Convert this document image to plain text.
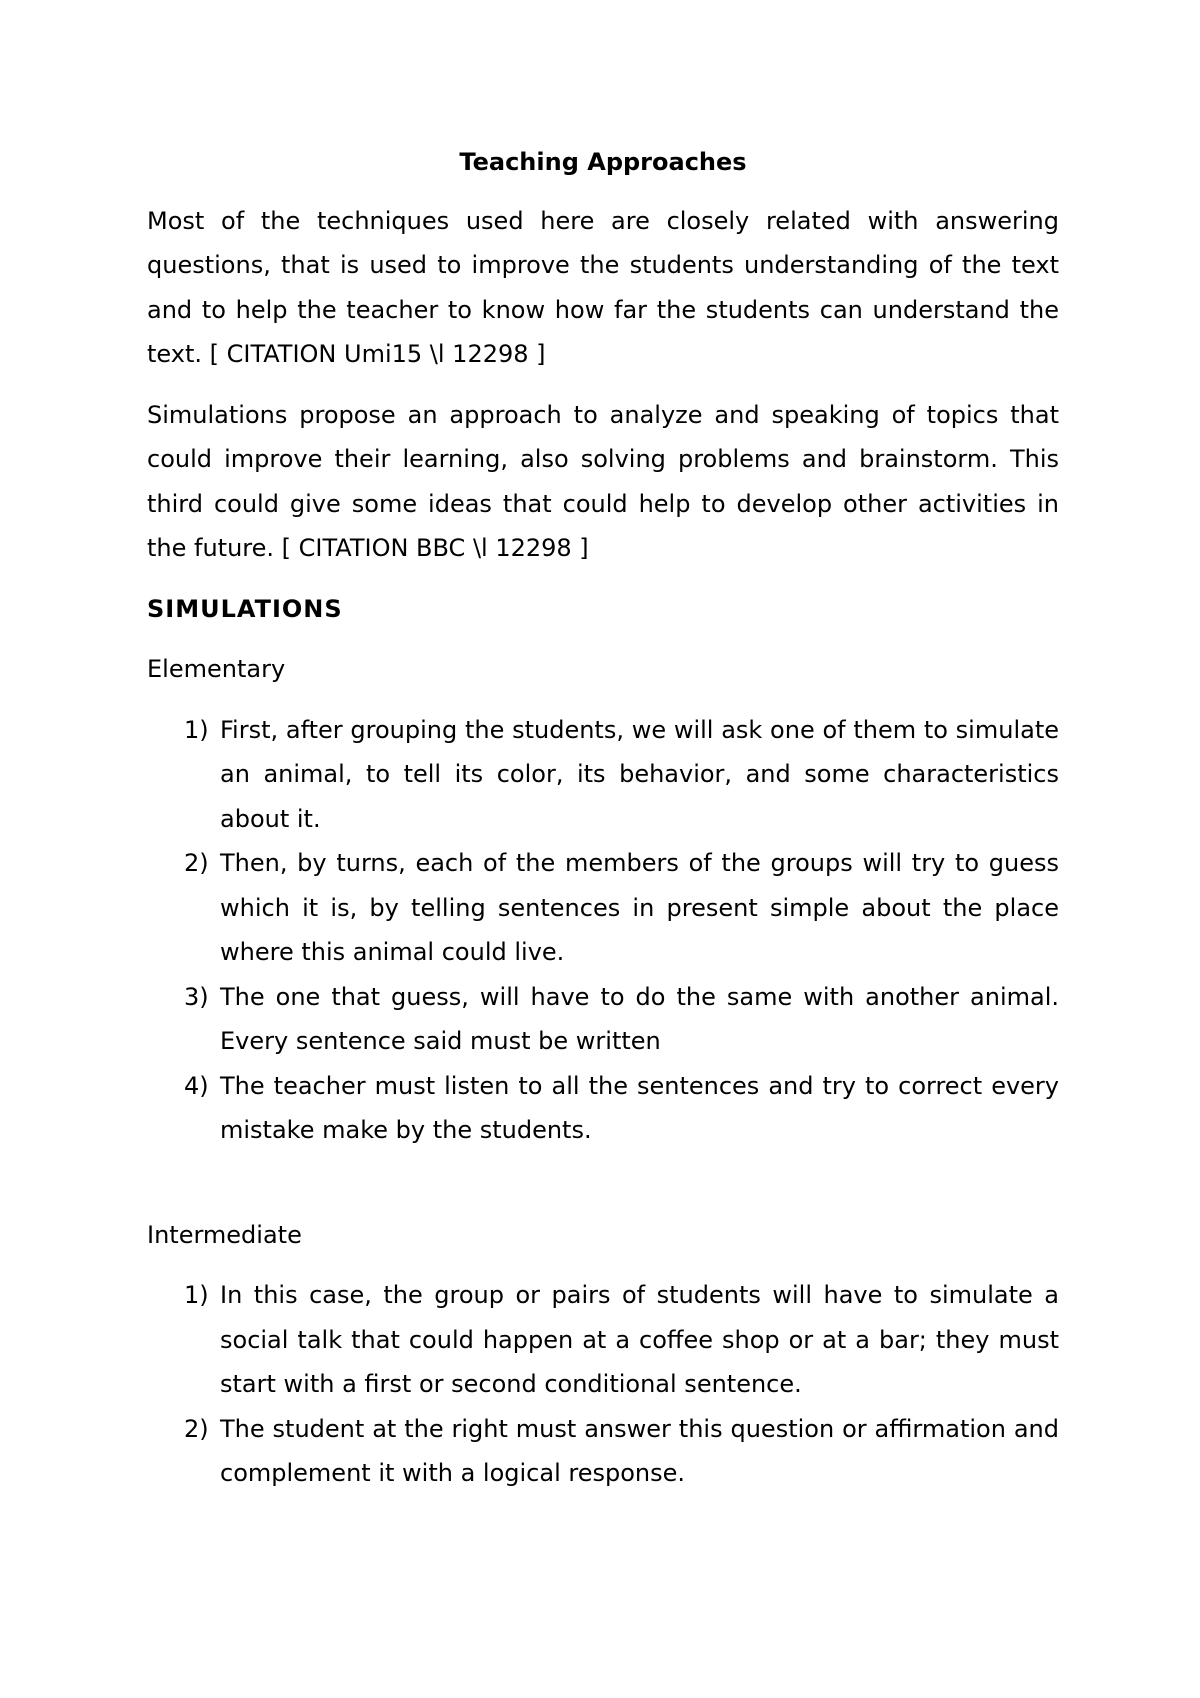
Teaching Approaches

Most of the techniques used here are closely related with answering questions, that is used to improve the students understanding of the text and to help the teacher to know how far the students can understand the text. [ CITATION Umi15 \l 12298 ]

Simulations propose an approach to analyze and speaking of topics that could improve their learning, also solving problems and brainstorm. This third could give some ideas that could help to develop other activities in the future. [ CITATION BBC \l 12298 ]

SIMULATIONS
Elementary
1) First, after grouping the students, we will ask one of them to simulate an animal, to tell its color, its behavior, and some characteristics about it.
2) Then, by turns, each of the members of the groups will try to guess which it is, by telling sentences in present simple about the place where this animal could live.
3) The one that guess, will have to do the same with another animal. Every sentence said must be written
4) The teacher must listen to all the sentences and try to correct every mistake make by the students.
Intermediate
1) In this case, the group or pairs of students will have to simulate a social talk that could happen at a coffee shop or at a bar; they must start with a first or second conditional sentence.
2) The student at the right must answer this question or affirmation and complement it with a logical response.
